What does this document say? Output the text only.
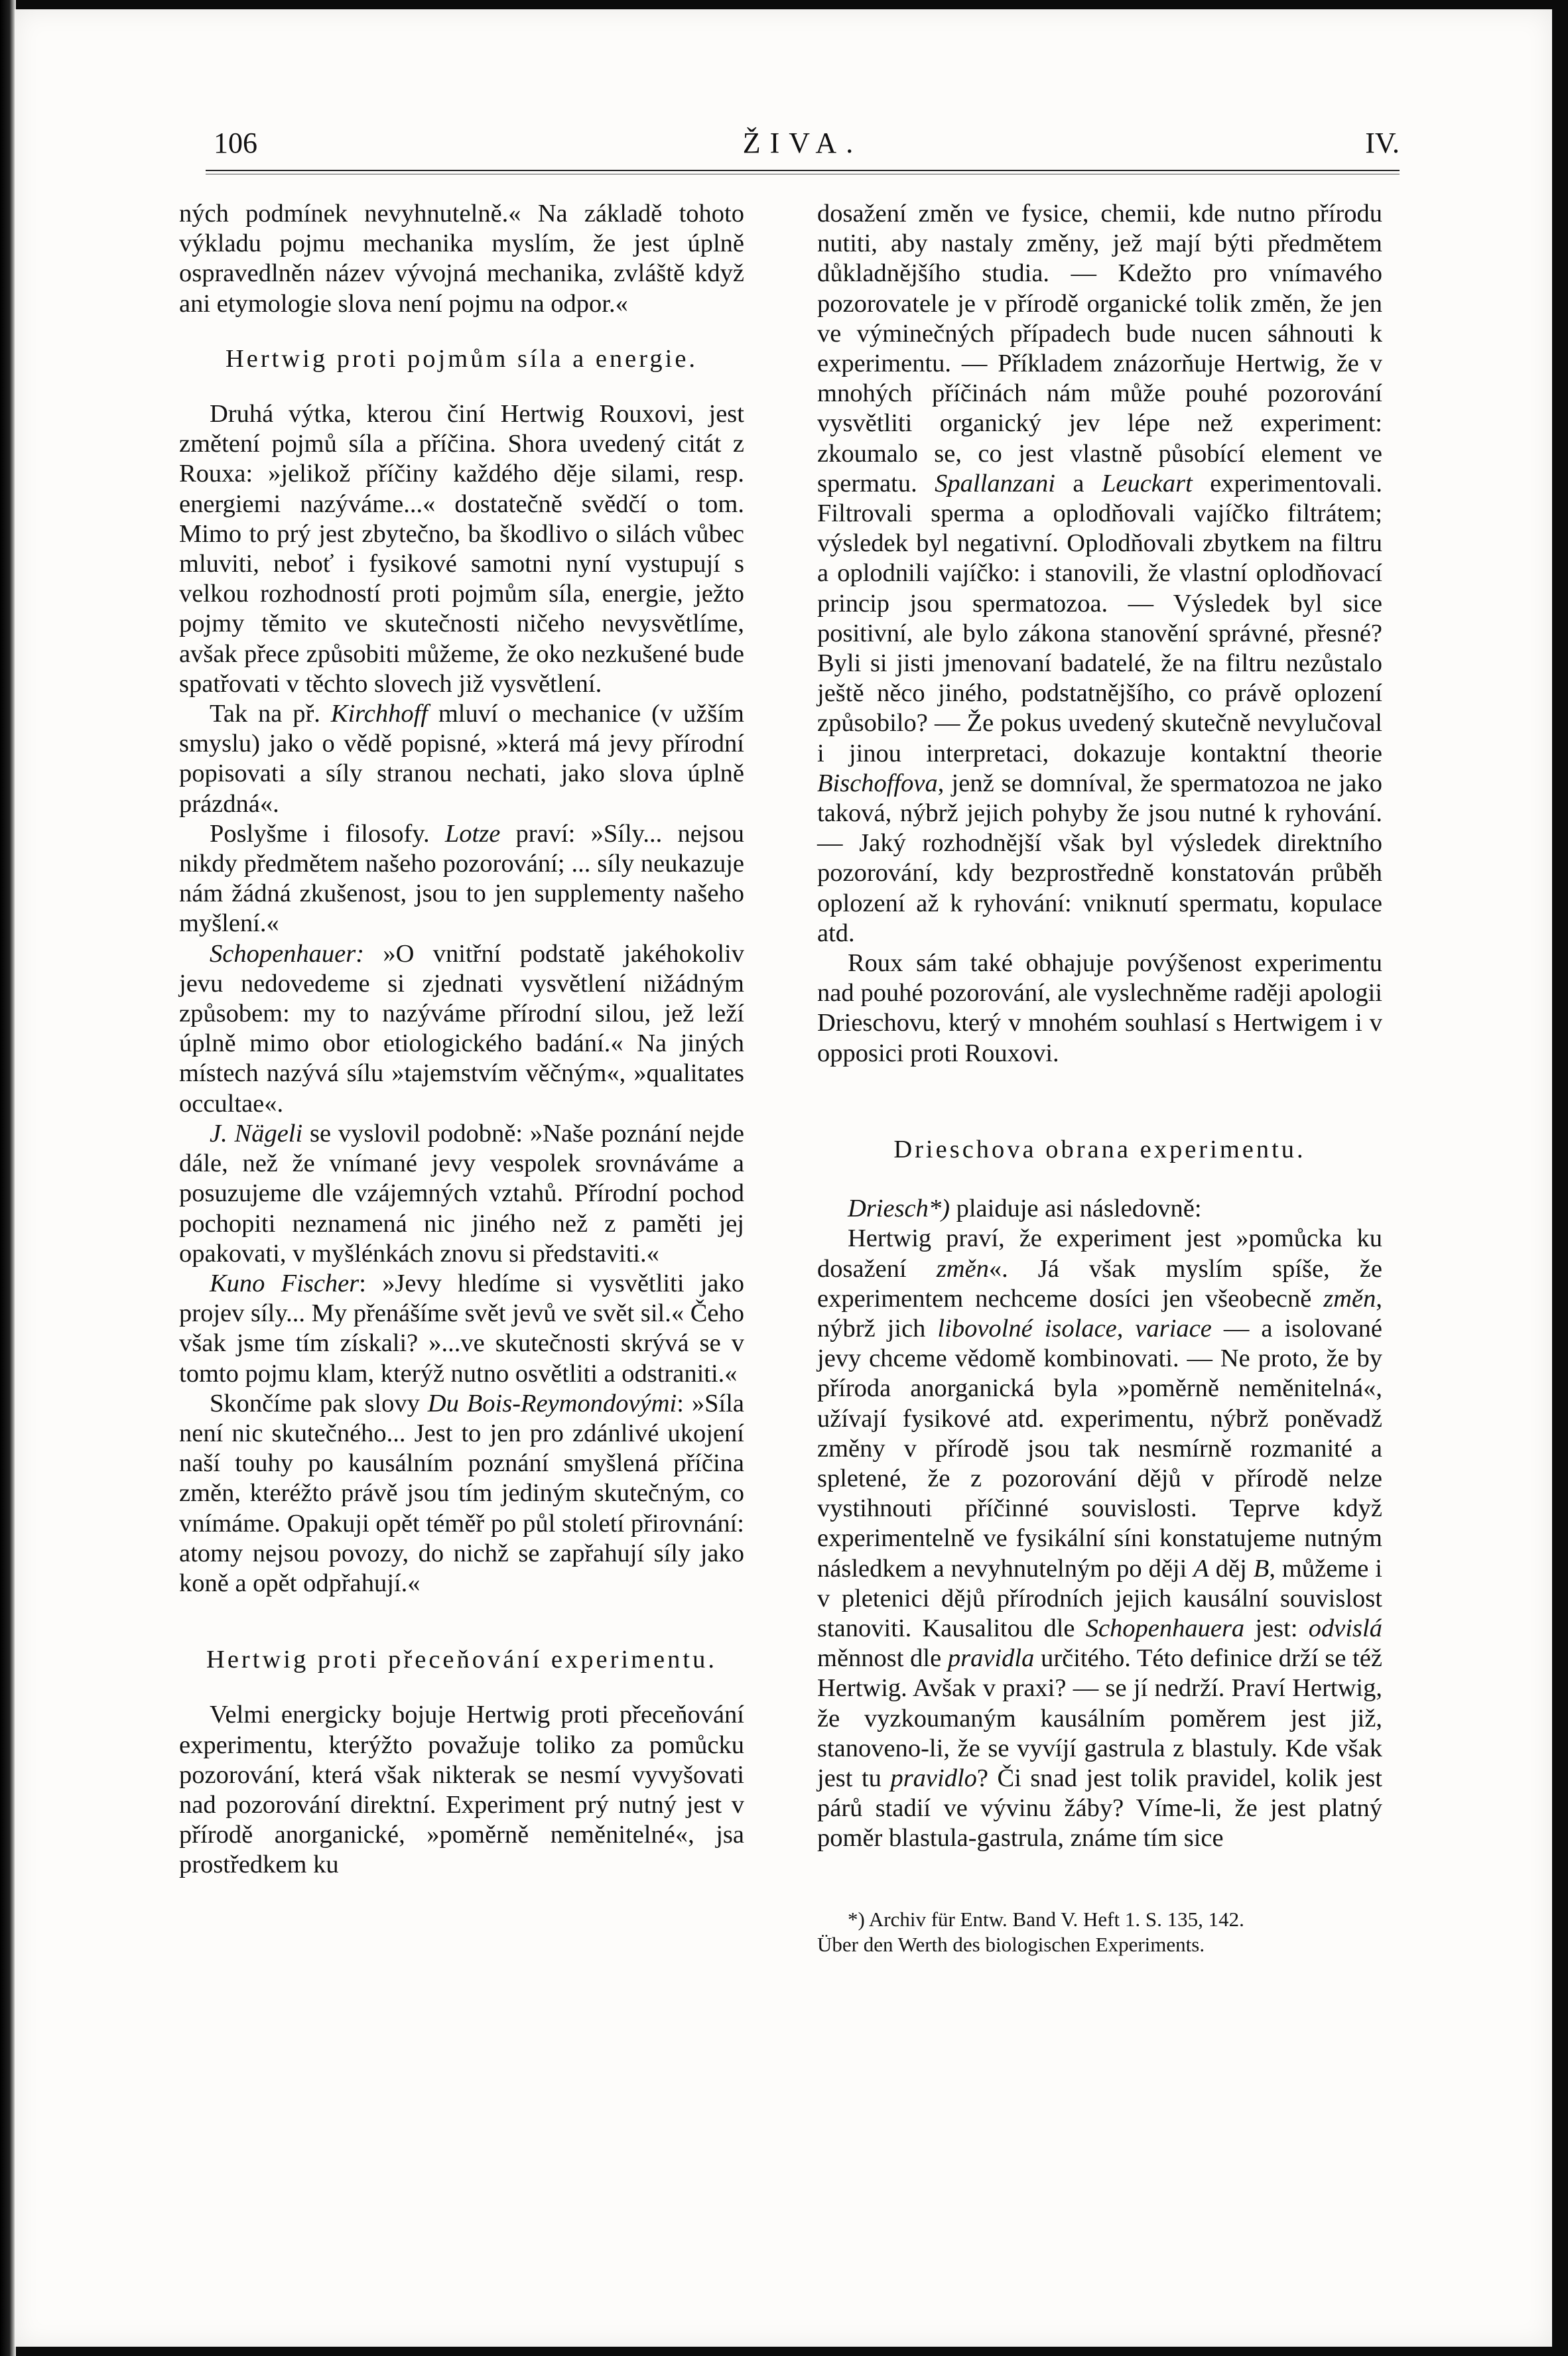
106	ŽIVA.	IV.

ných podmínek nevyhnutelně.« Na základě tohoto výkladu pojmu mechanika myslím, že jest úplně ospravedlněn název vývojná mechanika, zvláště když ani etymologie slova není pojmu na odpor.«

Hertwig proti pojmům síla a energie.

Druhá výtka, kterou činí Hertwig Rouxovi, jest změtení pojmů síla a příčina. Shora uvedený citát z Rouxa: »jelikož příčiny každého děje silami, resp. energiemi nazýváme...« dostatečně svědčí o tom. Mimo to prý jest zbytečno, ba škodlivo o silách vůbec mluviti, neboť i fysikové samotni nyní vystupují s velkou rozhodností proti pojmům síla, energie, ježto pojmy těmito ve skutečnosti ničeho nevysvětlíme, avšak přece způsobiti můžeme, že oko nezkušené bude spatřovati v těchto slovech již vysvětlení.

Tak na př. Kirchhoff mluví o mechanice (v užším smyslu) jako o vědě popisné, »která má jevy přírodní popisovati a síly stranou nechati, jako slova úplně prázdná«.

Poslyšme i filosofy. Lotze praví: »Síly... nejsou nikdy předmětem našeho pozorování; ... síly neukazuje nám žádná zkušenost, jsou to jen supplementy našeho myšlení.«

Schopenhauer: »O vnitřní podstatě jakéhokoliv jevu nedovedeme si zjednati vysvětlení nižádným způsobem: my to nazýváme přírodní silou, jež leží úplně mimo obor etiologického badání.« Na jiných místech nazývá sílu »tajemstvím věčným«, »qualitates occultae«.

J. Nägeli se vyslovil podobně: »Naše poznání nejde dále, než že vnímané jevy vespolek srovnáváme a posuzujeme dle vzájemných vztahů. Přírodní pochod pochopiti neznamená nic jiného než z paměti jej opakovati, v myšlénkách znovu si představiti.«

Kuno Fischer: »Jevy hledíme si vysvětliti jako projev síly... My přenášíme svět jevů ve svět sil.« Čeho však jsme tím získali? »...ve skutečnosti skrývá se v tomto pojmu klam, kterýž nutno osvětliti a odstraniti.«

Skončíme pak slovy Du Bois-Reymondovými: »Síla není nic skutečného... Jest to jen pro zdánlivé ukojení naší touhy po kausálním poznání smyšlená příčina změn, kteréžto právě jsou tím jediným skutečným, co vnímáme. Opakuji opět téměř po půl století přirovnání: atomy nejsou povozy, do nichž se zapřahují síly jako koně a opět odpřahují.«

Hertwig proti přeceňování experimentu.

Velmi energicky bojuje Hertwig proti přeceňování experimentu, kterýžto považuje toliko za pomůcku pozorování, která však nikterak se nesmí vyvyšovati nad pozorování direktní. Experiment prý nutný jest v přírodě anorganické, »poměrně neměnitelné«, jsa prostředkem ku

dosažení změn ve fysice, chemii, kde nutno přírodu nutiti, aby nastaly změny, jež mají býti předmětem důkladnějšího studia. — Kdežto pro vnímavého pozorovatele je v přírodě organické tolik změn, že jen ve výminečných případech bude nucen sáhnouti k experimentu. — Příkladem znázorňuje Hertwig, že v mnohých příčinách nám může pouhé pozorování vysvětliti organický jev lépe než experiment: zkoumalo se, co jest vlastně působící element ve spermatu. Spallanzani a Leuckart experimentovali. Filtrovali sperma a oplodňovali vajíčko filtrátem; výsledek byl negativní. Oplodňovali zbytkem na filtru a oplodnili vajíčko: i stanovili, že vlastní oplodňovací princip jsou spermatozoa. — Výsledek byl sice positivní, ale bylo zákona stanovění správné, přesné? Byli si jisti jmenovaní badatelé, že na filtru nezůstalo ještě něco jiného, podstatnějšího, co právě oplození způsobilo? — Že pokus uvedený skutečně nevylučoval i jinou interpretaci, dokazuje kontaktní theorie Bischoffova, jenž se domníval, že spermatozoa ne jako taková, nýbrž jejich pohyby že jsou nutné k ryhování. — Jaký rozhodnější však byl výsledek direktního pozorování, kdy bezprostředně konstatován průběh oplození až k ryhování: vniknutí spermatu, kopulace atd.

Roux sám také obhajuje povýšenost experimentu nad pouhé pozorování, ale vyslechněme raději apologii Drieschovu, který v mnohém souhlasí s Hertwigem i v opposici proti Rouxovi.

Drieschova obrana experimentu.

Driesch*) plaiduje asi následovně:

Hertwig praví, že experiment jest »pomůcka ku dosažení změn«. Já však myslím spíše, že experimentem nechceme dosíci jen všeobecně změn, nýbrž jich libovolné isolace, variace — a isolované jevy chceme vědomě kombinovati. — Ne proto, že by příroda anorganická byla »poměrně neměnitelná«, užívají fysikové atd. experimentu, nýbrž poněvadž změny v přírodě jsou tak nesmírně rozmanité a spletené, že z pozorování dějů v přírodě nelze vystihnouti příčinné souvislosti. Teprve když experimentelně ve fysikální síni konstatujeme nutným následkem a nevyhnutelným po ději A děj B, můžeme i v pletenici dějů přírodních jejich kausální souvislost stanoviti. Kausalitou dle Schopenhauera jest: odvislá měnnost dle pravidla určitého. Této definice drží se též Hertwig. Avšak v praxi? — se jí nedrží. Praví Hertwig, že vyzkoumaným kausálním poměrem jest již, stanoveno-li, že se vyvíjí gastrula z blastuly. Kde však jest tu pravidlo? Či snad jest tolik pravidel, kolik jest párů stadií ve vývinu žáby? Víme-li, že jest platný poměr blastula-gastrula, známe tím sice

*) Archiv für Entw. Band V. Heft 1. S. 135, 142.

Über den Werth des biologischen Experiments.
